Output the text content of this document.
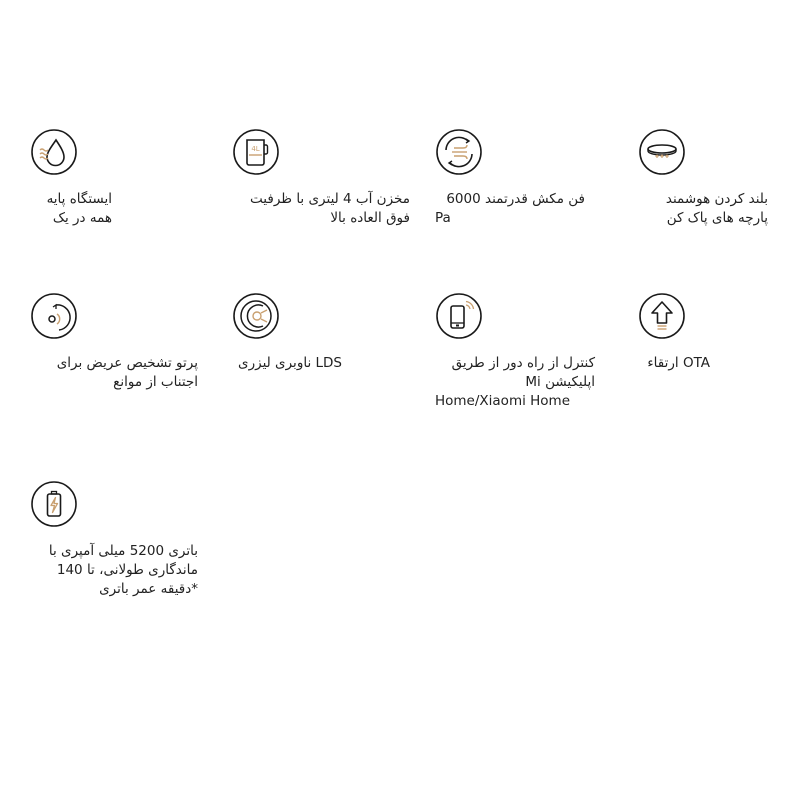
ایستگاه پایه
همه در یک
4L
مخزن آب 4 لیتری با ظرفیت
فوق العاده بالا
فن مکش قدرتمند 6000
Pa
بلند کردن هوشمند
پارچه های پاک کن
پرتو تشخیص عریض برای
اجتناب از موانع
LDS ناوبری لیزری	کنترل از راه دور از طریق
اپلیکیشن Mi
Home/Xiaomi Home
OTA ارتقاء
باتری 5200 میلی آمپری با
ماندگاری طولانی، تا 140
*دقیقه عمر باتری
